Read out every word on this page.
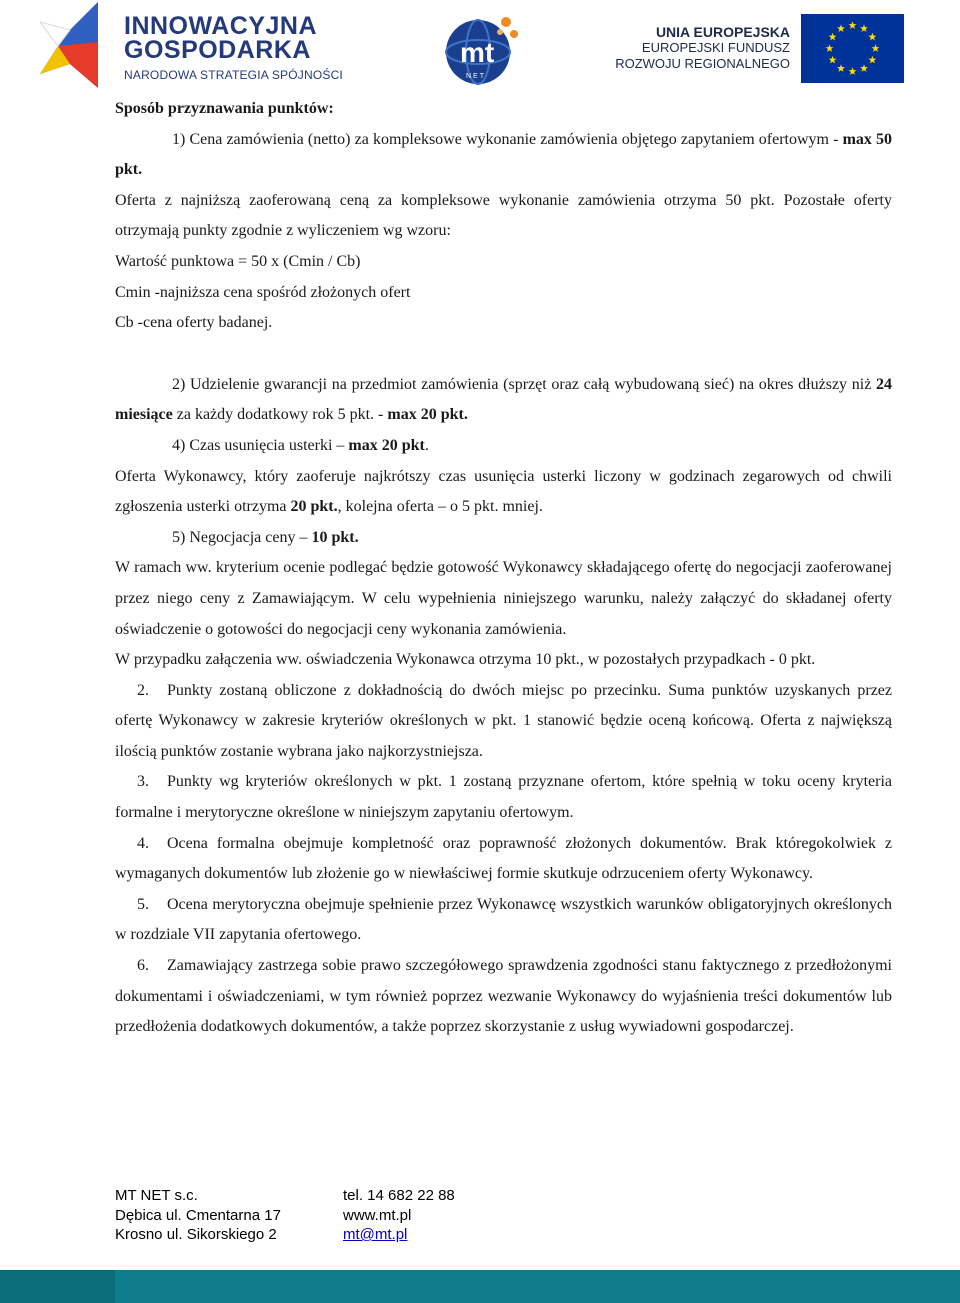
INNOWACYJNA
GOSPODARKA
NARODOWA STRATEGIA SPÓJNOŚCI
mt
NET
UNIA EUROPEJSKA
EUROPEJSKI FUNDUSZ
ROZWOJU REGIONALNEGO

Sposób przyznawania punktów:

1) Cena zamówienia (netto) za kompleksowe wykonanie zamówienia objętego zapytaniem ofertowym - max 50 pkt.

Oferta z najniższą zaoferowaną ceną za kompleksowe wykonanie zamówienia otrzyma 50 pkt. Pozostałe oferty otrzymają punkty zgodnie z wyliczeniem wg wzoru:

Wartość punktowa = 50 x (Cmin / Cb)

Cmin -najniższa cena spośród złożonych ofert

Cb -cena oferty badanej.

2) Udzielenie gwarancji na przedmiot zamówienia (sprzęt oraz całą wybudowaną sieć) na okres dłuższy niż 24 miesiące za każdy dodatkowy rok 5 pkt. - max 20 pkt.

4) Czas usunięcia usterki – max 20 pkt.

Oferta Wykonawcy, który zaoferuje najkrótszy czas usunięcia usterki liczony w godzinach zegarowych od chwili zgłoszenia usterki otrzyma 20 pkt., kolejna oferta – o 5 pkt. mniej.

5) Negocjacja ceny – 10 pkt.

W ramach ww. kryterium ocenie podlegać będzie gotowość Wykonawcy składającego ofertę do negocjacji zaoferowanej przez niego ceny z Zamawiającym. W celu wypełnienia niniejszego warunku, należy załączyć do składanej oferty oświadczenie o gotowości do negocjacji ceny wykonania zamówienia.

W przypadku załączenia ww. oświadczenia Wykonawca otrzyma 10 pkt., w pozostałych przypadkach - 0 pkt.

2. Punkty zostaną obliczone z dokładnością do dwóch miejsc po przecinku. Suma punktów uzyskanych przez ofertę Wykonawcy w zakresie kryteriów określonych w pkt. 1 stanowić będzie oceną końcową. Oferta z największą ilością punktów zostanie wybrana jako najkorzystniejsza.

3. Punkty wg kryteriów określonych w pkt. 1 zostaną przyznane ofertom, które spełnią w toku oceny kryteria formalne i merytoryczne określone w niniejszym zapytaniu ofertowym.

4. Ocena formalna obejmuje kompletność oraz poprawność złożonych dokumentów. Brak któregokolwiek z wymaganych dokumentów lub złożenie go w niewłaściwej formie skutkuje odrzuceniem oferty Wykonawcy.

5. Ocena merytoryczna obejmuje spełnienie przez Wykonawcę wszystkich warunków obligatoryjnych określonych w rozdziale VII zapytania ofertowego.

6. Zamawiający zastrzega sobie prawo szczegółowego sprawdzenia zgodności stanu faktycznego z przedłożonymi dokumentami i oświadczeniami, w tym również poprzez wezwanie Wykonawcy do wyjaśnienia treści dokumentów lub przedłożenia dodatkowych dokumentów, a także poprzez skorzystanie z usług wywiadowni gospodarczej.

MT NET s.c.
Dębica ul. Cmentarna 17
Krosno ul. Sikorskiego 2
tel. 14 682 22 88
www.mt.pl
mt@mt.pl
